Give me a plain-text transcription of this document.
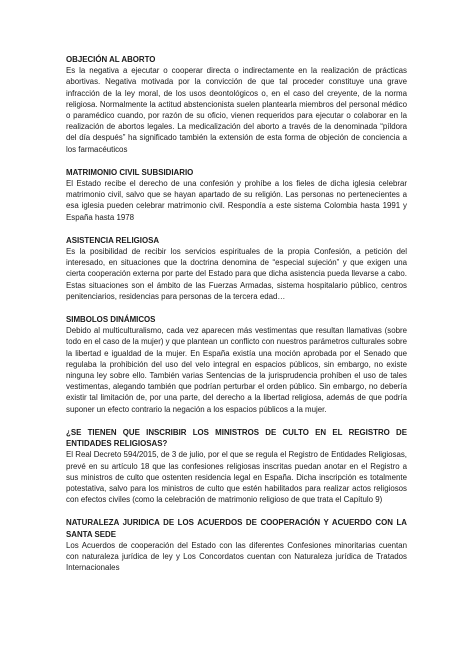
OBJECIÓN AL ABORTO

Es la negativa a ejecutar o cooperar directa o indirectamente en la realización de prácticas abortivas. Negativa motivada por la convicción de que tal proceder constituye una grave infracción de la ley moral, de los usos deontológicos o, en el caso del creyente, de la norma religiosa. Normalmente la actitud abstencionista suelen plantearla miembros del personal médico o paramédico cuando, por razón de su oficio, vienen requeridos para ejecutar o colaborar en la realización de abortos legales. La medicalización del aborto a través de la denominada “píldora del día después” ha significado también la extensión de esta forma de objeción de conciencia a los farmacéuticos

MATRIMONIO CIVIL SUBSIDIARIO

El Estado recibe el derecho de una confesión y prohíbe a los fieles de dicha iglesia celebrar matrimonio civil, salvo que se hayan apartado de su religión. Las personas no pertenecientes a esa iglesia pueden celebrar matrimonio civil. Respondía a este sistema Colombia hasta 1991 y España hasta 1978

ASISTENCIA RELIGIOSA

Es la posibilidad de recibir los servicios espirituales de la propia Confesión, a petición del interesado, en situaciones que la doctrina denomina de “especial sujeción” y que exigen una cierta cooperación externa por parte del Estado para que dicha asistencia pueda llevarse a cabo. Estas situaciones son el ámbito de las Fuerzas Armadas, sistema hospitalario público, centros penitenciarios, residencias para personas de la tercera edad…

SIMBOLOS DINÁMICOS

Debido al multiculturalismo, cada vez aparecen más vestimentas que resultan llamativas (sobre todo en el caso de la mujer) y que plantean un conflicto con nuestros parámetros culturales sobre la libertad e igualdad de la mujer. En España existía una moción aprobada por el Senado que regulaba la prohibición del uso del velo integral en espacios públicos, sin embargo, no existe ninguna ley sobre ello. También varias Sentencias de la jurisprudencia prohíben el uso de tales vestimentas, alegando también que podrían perturbar el orden público. Sin embargo, no debería existir tal limitación de, por una parte, del derecho a la libertad religiosa, además de que podría suponer un efecto contrario la negación a los espacios públicos a la mujer.

¿SE TIENEN QUE INSCRIBIR LOS MINISTROS DE CULTO EN EL REGISTRO DE ENTIDADES RELIGIOSAS?

El Real Decreto 594/2015, de 3 de julio, por el que se regula el Registro de Entidades Religiosas, prevé en su artículo 18 que las confesiones religiosas inscritas puedan anotar en el Registro a sus ministros de culto que ostenten residencia legal en España. Dicha inscripción es totalmente potestativa, salvo para los ministros de culto que estén habilitados para realizar actos religiosos con efectos civiles (como la celebración de matrimonio religioso de que trata el Capítulo 9)

NATURALEZA JURIDICA DE LOS ACUERDOS DE COOPERACIÓN Y ACUERDO CON LA SANTA SEDE

Los Acuerdos de cooperación del Estado con las diferentes Confesiones minoritarias cuentan con naturaleza jurídica de ley y Los Concordatos cuentan con Naturaleza jurídica de Tratados Internacionales
